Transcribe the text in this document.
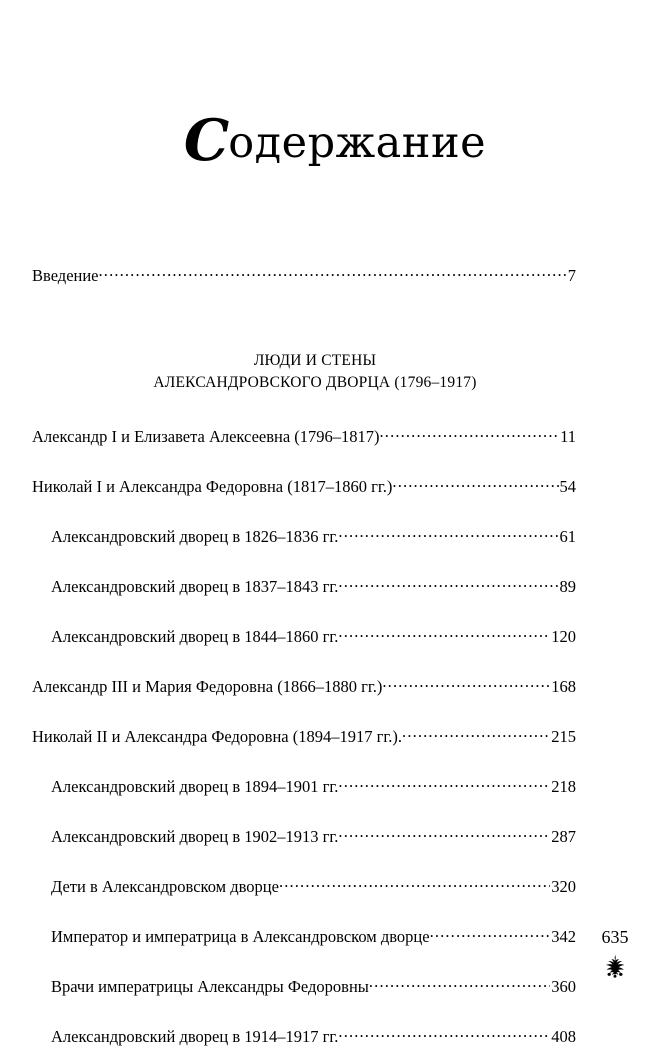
Содержание
ЛЮДИ И СТЕНЫ
АЛЕКСАНДРОВСКОГО ДВОРЦА (1796–1917)
Введение .....	7
Александр I и Елизавета Алексеевна (1796–1817) .....	11
Николай I и Александра Федоровна (1817–1860 гг.) .....	54
Александровский дворец в 1826–1836 гг. .....	61
Александровский дворец в 1837–1843 гг. .....	89
Александровский дворец в 1844–1860 гг. .....	120
Александр III и Мария Федоровна (1866–1880 гг.) .....	168
Николай II и Александра Федоровна (1894–1917 гг.). .....	215
Александровский дворец в 1894–1901 гг. .....	218
Александровский дворец в 1902–1913 гг. .....	287
Дети в Александровском дворце .....	320
Император и императрица в Александровском дворце .....	342
Врачи императрицы Александры Федоровны .....	360
Александровский дворец в 1914–1917 гг. .....	408
635
